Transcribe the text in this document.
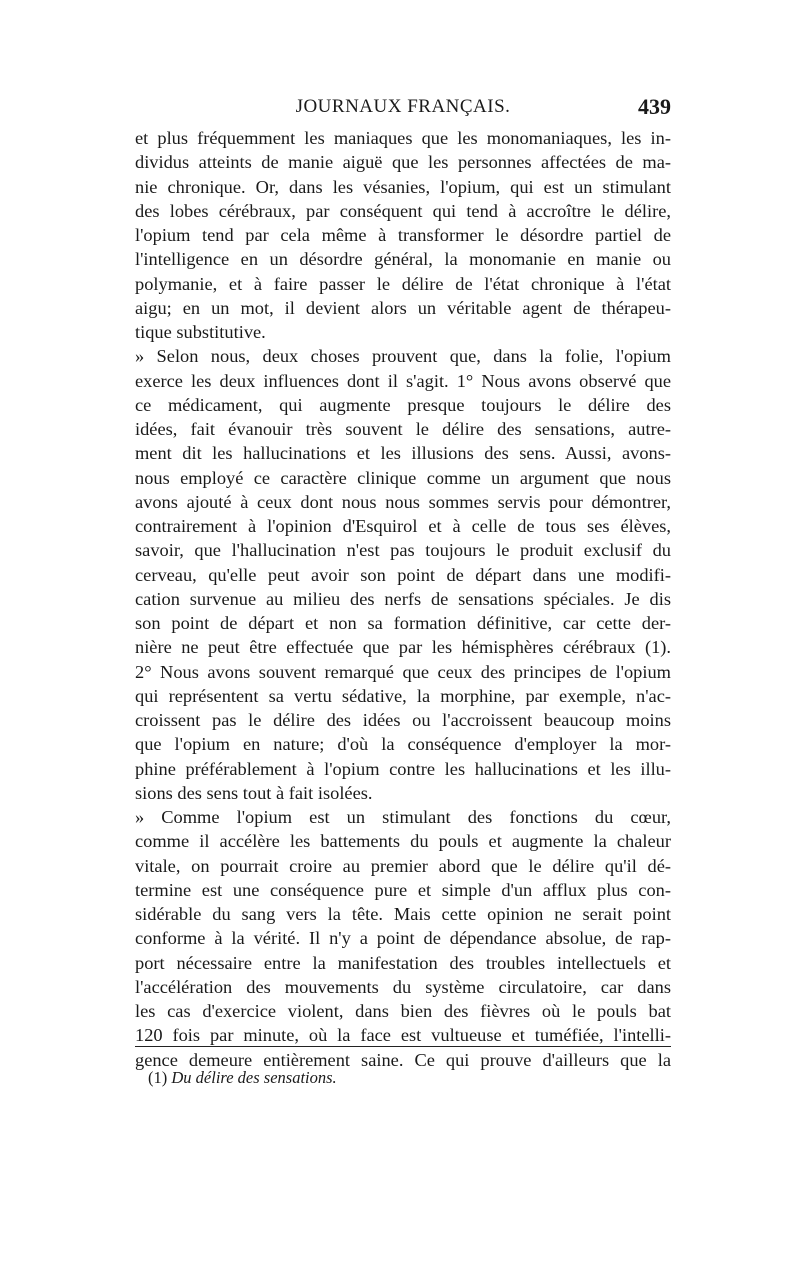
JOURNAUX FRANÇAIS.	439
et plus fréquemment les maniaques que les monomaniaques, les in-
dividus atteints de manie aiguë que les personnes affectées de ma-
nie chronique. Or, dans les vésanies, l'opium, qui est un stimulant
des lobes cérébraux, par conséquent qui tend à accroître le délire,
l'opium tend par cela même à transformer le désordre partiel de
l'intelligence en un désordre général, la monomanie en manie ou
polymanie, et à faire passer le délire de l'état chronique à l'état
aigu; en un mot, il devient alors un véritable agent de thérapeu-
tique substitutive.
» Selon nous, deux choses prouvent que, dans la folie, l'opium
exerce les deux influences dont il s'agit. 1° Nous avons observé que
ce médicament, qui augmente presque toujours le délire des
idées, fait évanouir très souvent le délire des sensations, autre-
ment dit les hallucinations et les illusions des sens. Aussi, avons-
nous employé ce caractère clinique comme un argument que nous
avons ajouté à ceux dont nous nous sommes servis pour démontrer,
contrairement à l'opinion d'Esquirol et à celle de tous ses élèves,
savoir, que l'hallucination n'est pas toujours le produit exclusif du
cerveau, qu'elle peut avoir son point de départ dans une modifi-
cation survenue au milieu des nerfs de sensations spéciales. Je dis
son point de départ et non sa formation définitive, car cette der-
nière ne peut être effectuée que par les hémisphères cérébraux (1).
2° Nous avons souvent remarqué que ceux des principes de l'opium
qui représentent sa vertu sédative, la morphine, par exemple, n'ac-
croissent pas le délire des idées ou l'accroissent beaucoup moins
que l'opium en nature; d'où la conséquence d'employer la mor-
phine préférablement à l'opium contre les hallucinations et les illu-
sions des sens tout à fait isolées.
» Comme l'opium est un stimulant des fonctions du cœur,
comme il accélère les battements du pouls et augmente la chaleur
vitale, on pourrait croire au premier abord que le délire qu'il dé-
termine est une conséquence pure et simple d'un afflux plus con-
sidérable du sang vers la tête. Mais cette opinion ne serait point
conforme à la vérité. Il n'y a point de dépendance absolue, de rap-
port nécessaire entre la manifestation des troubles intellectuels et
l'accélération des mouvements du système circulatoire, car dans
les cas d'exercice violent, dans bien des fièvres où le pouls bat
120 fois par minute, où la face est vultueuse et tuméfiée, l'intelli-
gence demeure entièrement saine. Ce qui prouve d'ailleurs que la
(1) Du délire des sensations.
